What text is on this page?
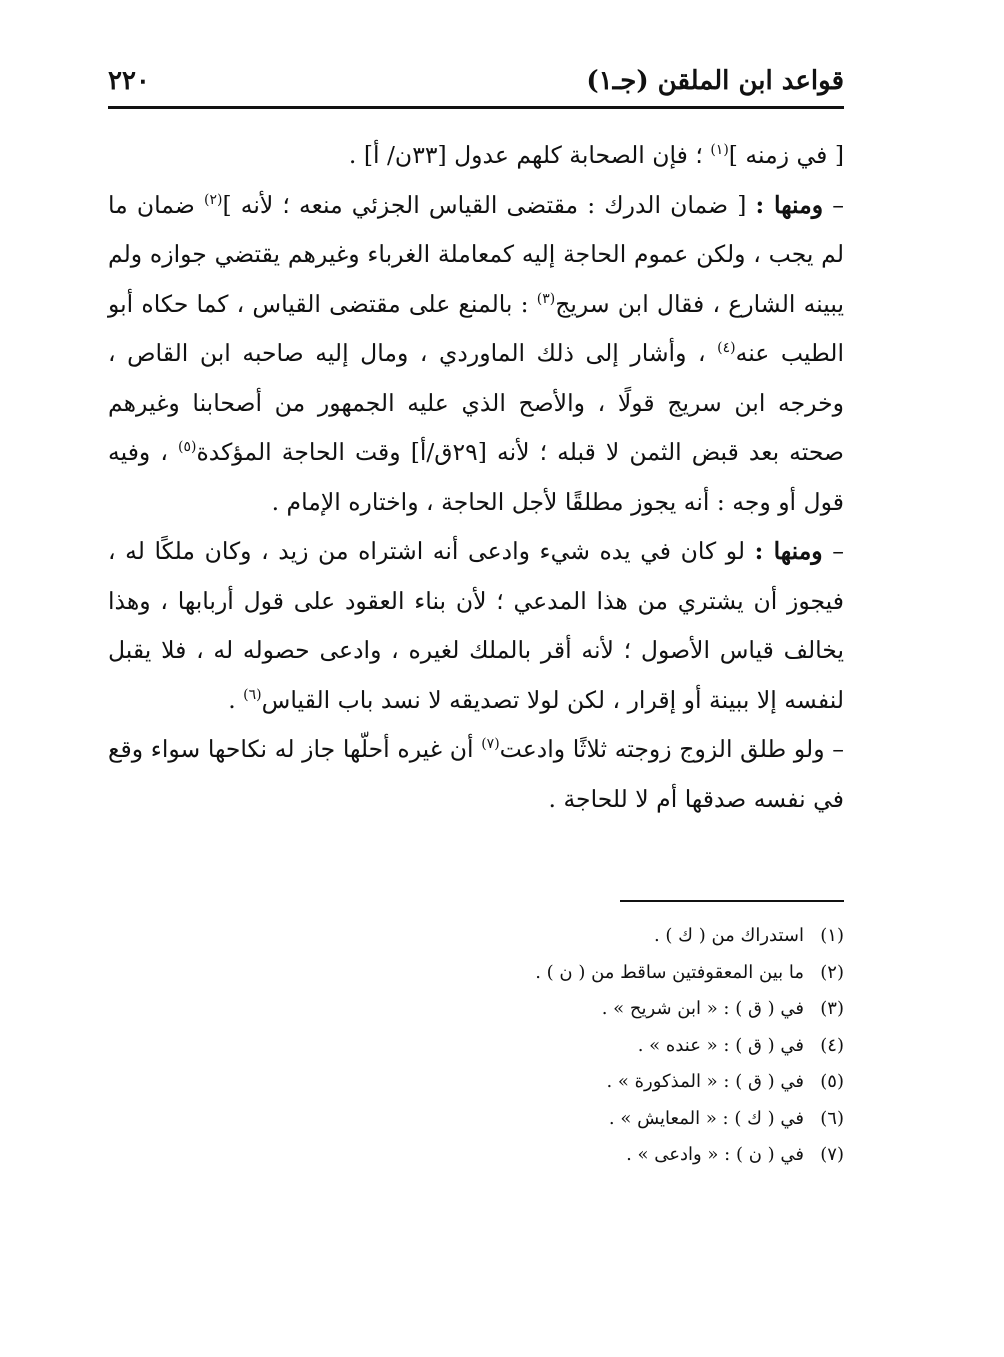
قواعد ابن الملقن (جـ١)
٢٢٠

[ في زمنه ]$^{(١)}$ ؛ فإن الصحابة كلهم عدول [٣٣ن/ أ] .

– ومنها : [ ضمان الدرك : مقتضى القياس الجزئي منعه ؛ لأنه ]$^{(٢)}$ ضمان ما لم يجب ، ولكن عموم الحاجة إليه كمعاملة الغرباء وغيرهم يقتضي جوازه ولم يبينه الشارع ، فقال ابن سريج$^{(٣)}$ : بالمنع على مقتضى القياس ، كما حكاه أبو الطيب عنه$^{(٤)}$ ، وأشار إلى ذلك الماوردي ، ومال إليه صاحبه ابن القاص ، وخرجه ابن سريج قولًا ، والأصح الذي عليه الجمهور من أصحابنا وغيرهم صحته بعد قبض الثمن لا قبله ؛ لأنه [٢٩ق/أ] وقت الحاجة المؤكدة$^{(٥)}$ ، وفيه قول أو وجه : أنه يجوز مطلقًا لأجل الحاجة ، واختاره الإمام .

– ومنها : لو كان في يده شيء وادعى أنه اشتراه من زيد ، وكان ملكًا له ، فيجوز أن يشتري من هذا المدعي ؛ لأن بناء العقود على قول أربابها ، وهذا يخالف قياس الأصول ؛ لأنه أقر بالملك لغيره ، وادعى حصوله له ، فلا يقبل لنفسه إلا ببينة أو إقرار ، لكن لولا تصديقه لا نسد باب القياس$^{(٦)}$ .

– ولو طلق الزوج زوجته ثلاثًا وادعت$^{(٧)}$ أن غيره أحلّها جاز له نكاحها سواء وقع في نفسه صدقها أم لا للحاجة .

(١)استدراك من ( ك ) .
(٢)ما بين المعقوفتين ساقط من ( ن ) .
(٣)في ( ق ) : « ابن شريح » .
(٤)في ( ق ) : « عنده » .
(٥)في ( ق ) : « المذكورة » .
(٦)في ( ك ) : « المعايش » .
(٧)في ( ن ) : « وادعى » .
